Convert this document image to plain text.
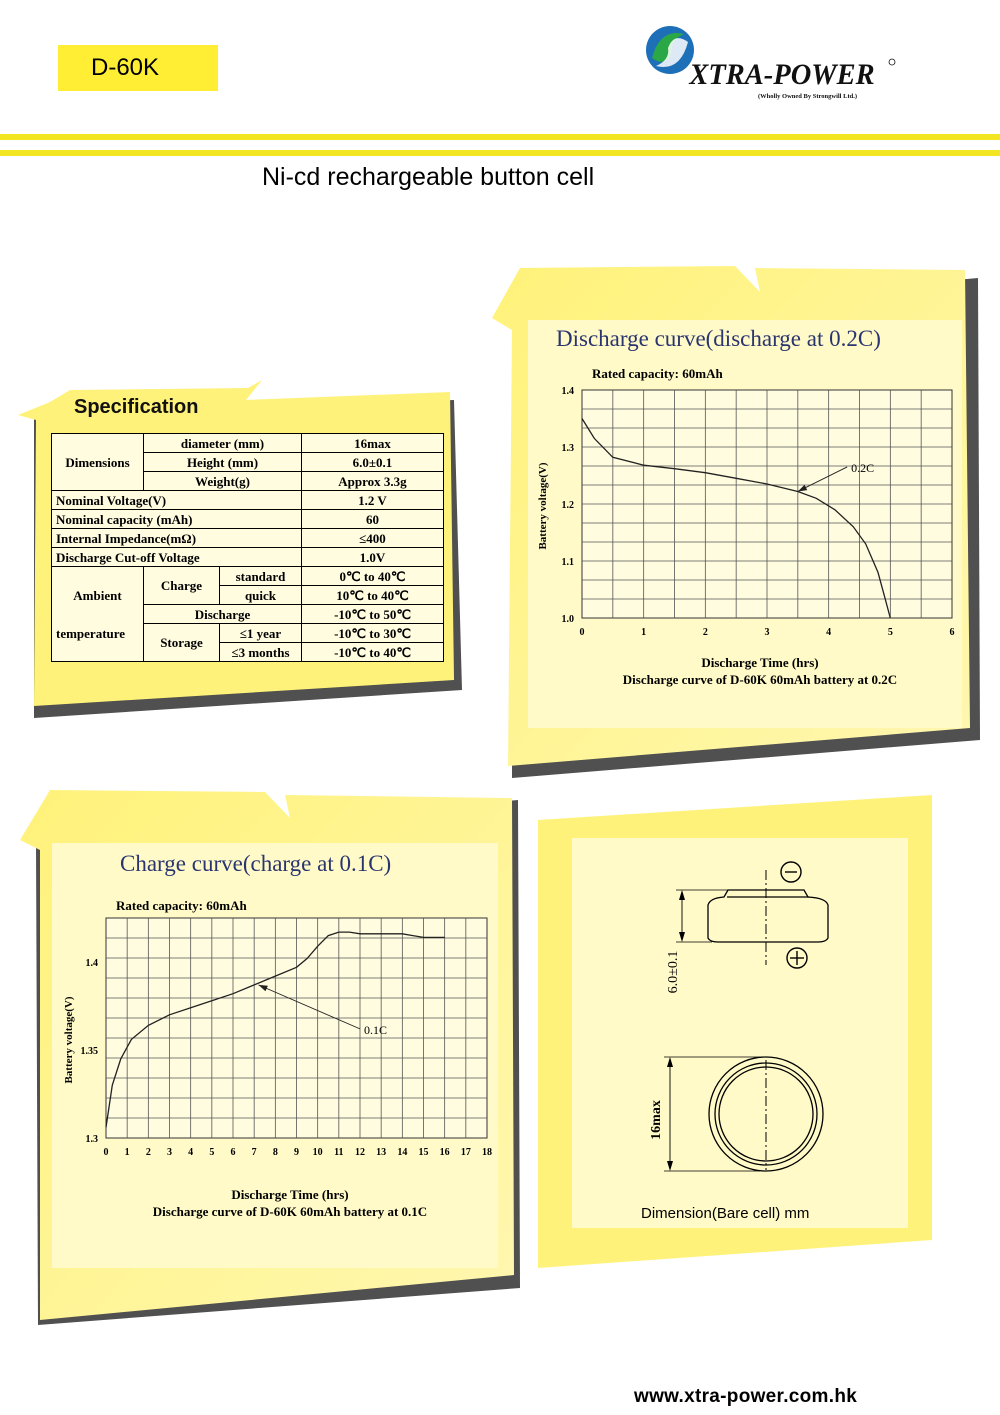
D-60K	XTRA-POWER
(Wholly Owned By Strongwill Ltd.)
Ni-cd rechargeable button cell
Specification
Dimensions	diameter (mm)		16max
	Height (mm)		6.0±0.1
	Weight(g)		Approx 3.3g
Nominal Voltage(V)			1.2 V
Nominal capacity (mAh)			60
Internal Impedance(mΩ)			≤400
Discharge Cut-off Voltage			1.0V

Ambient
temperature	Charge	standard	0℃ to 40℃
		quick	10℃ to 40℃
	Discharge		-10℃ to 50℃
	Storage	≤1 year	-10℃ to 30℃
		≤3 months	-10℃ to 40℃
Discharge curve(discharge at 0.2C)
Rated capacity: 60mAh
Battery voltage(V)
Discharge Time (hrs)
Discharge curve of D-60K 60mAh battery at 0.2C
0	1	2	3	4	5	6
1.0
1.1
1.2
1.3
1.4
0.2C
Charge curve(charge at 0.1C)
Rated capacity: 60mAh
Battery voltage(V)
Discharge Time (hrs)
Discharge curve of D-60K 60mAh battery at 0.1C
0 1 2 3 4 5 6 7 8 9 10 11 12 13 14 15 16 17 18
1.3
1.35
1.4
0.1C
6.0±0.1
16max
Dimension(Bare cell) mm
www.xtra-power.com.hk
